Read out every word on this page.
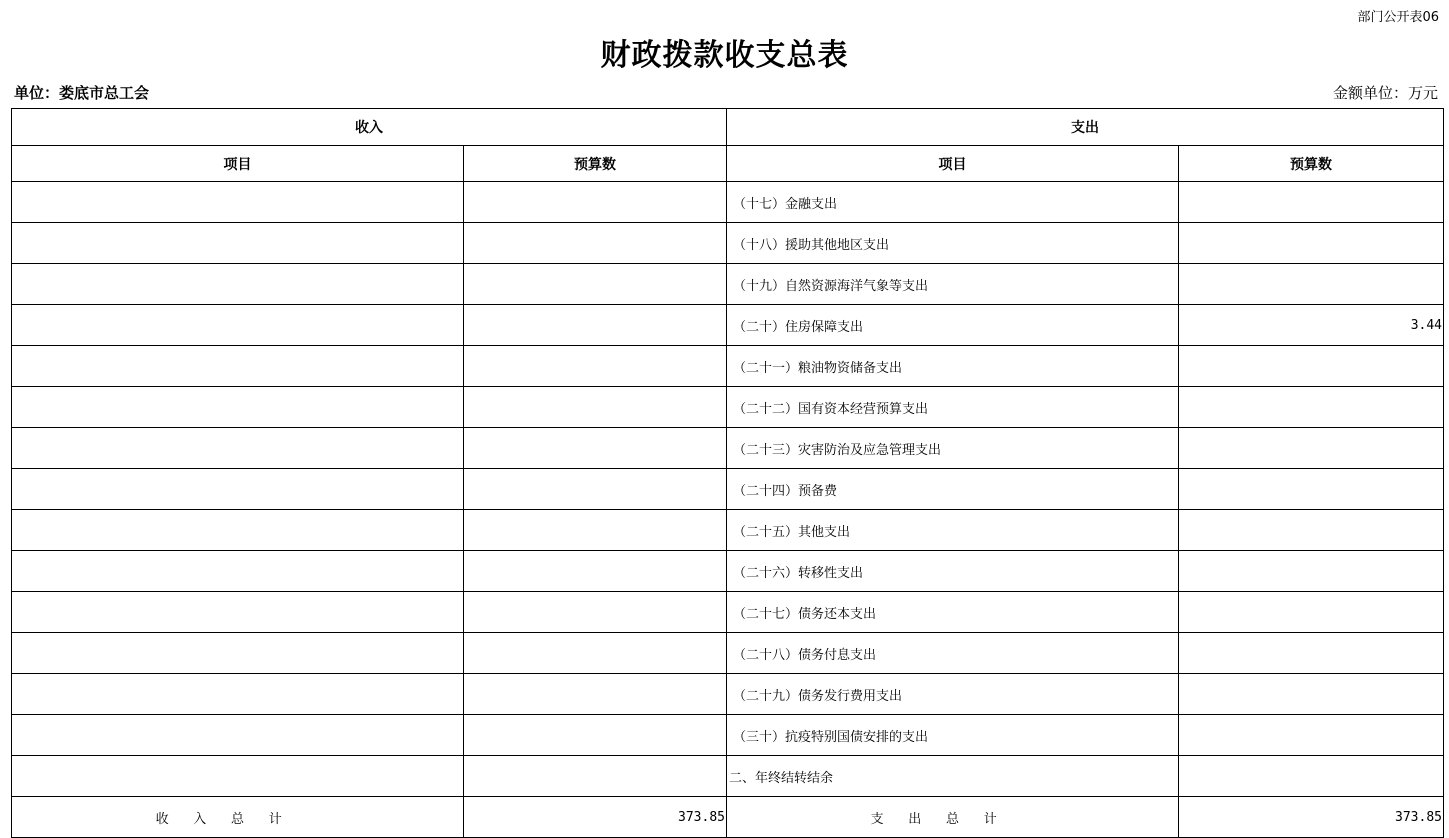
部门公开表06
财政拨款收支总表
单位：娄底市总工会	金额单位：万元
收入		支出	
项目	预算数	项目	预算数
		（十七）金融支出	
		（十八）援助其他地区支出	
		（十九）自然资源海洋气象等支出	
		（二十）住房保障支出	3.44
		（二十一）粮油物资储备支出	
		（二十二）国有资本经营预算支出	
		（二十三）灾害防治及应急管理支出	
		（二十四）预备费	
		（二十五）其他支出	
		（二十六）转移性支出	
		（二十七）债务还本支出	
		（二十八）债务付息支出	
		（二十九）债务发行费用支出	
		（三十）抗疫特别国债安排的支出	
		二、年终结转结余	
收入总计	373.85	支出总计	373.85
